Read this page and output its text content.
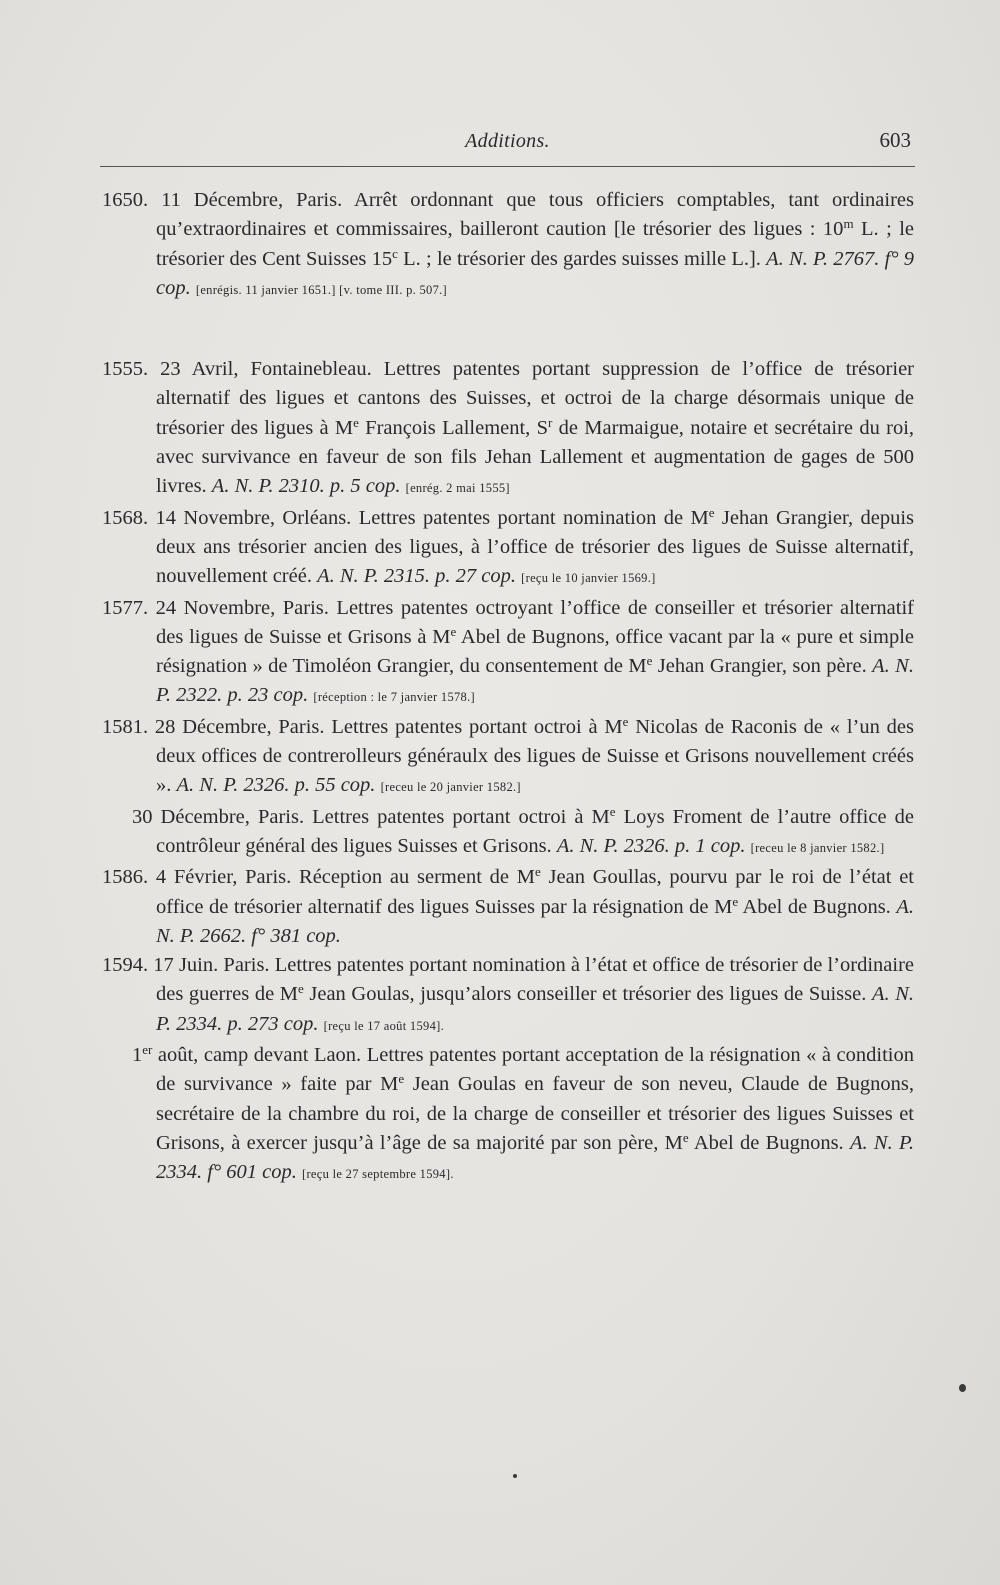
Additions.	603

1650. 11 Décembre, Paris. Arrêt ordonnant que tous officiers comptables, tant ordinaires qu’extraordinaires et commissaires, bailleront caution [le trésorier des ligues : 10$^m$ L. ; le trésorier des Cent Suisses 15$^c$ L. ; le trésorier des gardes suisses mille L.]. A. N. P. 2767. f° 9 cop. [enrégis. 11 janvier 1651.] [v. tome III. p. 507.]

1555. 23 Avril, Fontainebleau. Lettres patentes portant suppression de l’office de trésorier alternatif des ligues et cantons des Suisses, et octroi de la charge désormais unique de trésorier des ligues à Me François Lallement, $S^r$ de Marmaigue, notaire et secrétaire du roi, avec survivance en faveur de son fils Jehan Lallement et augmentation de gages de 500 livres. A. N. P. 2310. p. 5 cop. [enrég. 2 mai 1555]

1568. 14 Novembre, Orléans. Lettres patentes portant nomination de Me Jehan Grangier, depuis deux ans trésorier ancien des ligues, à l’office de trésorier des ligues de Suisse alternatif, nouvellement créé. A. N. P. 2315. p. 27 cop. [reçu le 10 janvier 1569.]

1577. 24 Novembre, Paris. Lettres patentes octroyant l’office de conseiller et trésorier alternatif des ligues de Suisse et Grisons à Me Abel de Bugnons, office vacant par la « pure et simple résignation » de Timoléon Grangier, du consentement de Me Jehan Grangier, son père. A. N. P. 2322. p. 23 cop. [réception : le 7 janvier 1578.]

1581. 28 Décembre, Paris. Lettres patentes portant octroi à Me Nicolas de Raconis de « l’un des deux offices de contrerolleurs généraulx des ligues de Suisse et Grisons nouvellement créés ». A. N. P. 2326. p. 55 cop. [receu le 20 janvier 1582.]

30 Décembre, Paris. Lettres patentes portant octroi à Me Loys Froment de l’autre office de contrôleur général des ligues Suisses et Grisons. A. N. P. 2326. p. 1 cop. [receu le 8 janvier 1582.]

1586. 4 Février, Paris. Réception au serment de Me Jean Goullas, pourvu par le roi de l’état et office de trésorier alternatif des ligues Suisses par la résignation de Me Abel de Bugnons. A. N. P. 2662. f° 381 cop.

1594. 17 Juin. Paris. Lettres patentes portant nomination à l’état et office de trésorier de l’ordinaire des guerres de Me Jean Goulas, jusqu’alors conseiller et trésorier des ligues de Suisse. A. N. P. 2334. p. 273 cop. [reçu le 17 août 1594].

1er août, camp devant Laon. Lettres patentes portant acceptation de la résignation « à condition de survivance » faite par Me Jean Goulas en faveur de son neveu, Claude de Bugnons, secrétaire de la chambre du roi, de la charge de conseiller et trésorier des ligues Suisses et Grisons, à exercer jusqu’à l’âge de sa majorité par son père, Me Abel de Bugnons. A. N. P. 2334. f° 601 cop. [reçu le 27 septembre 1594].
